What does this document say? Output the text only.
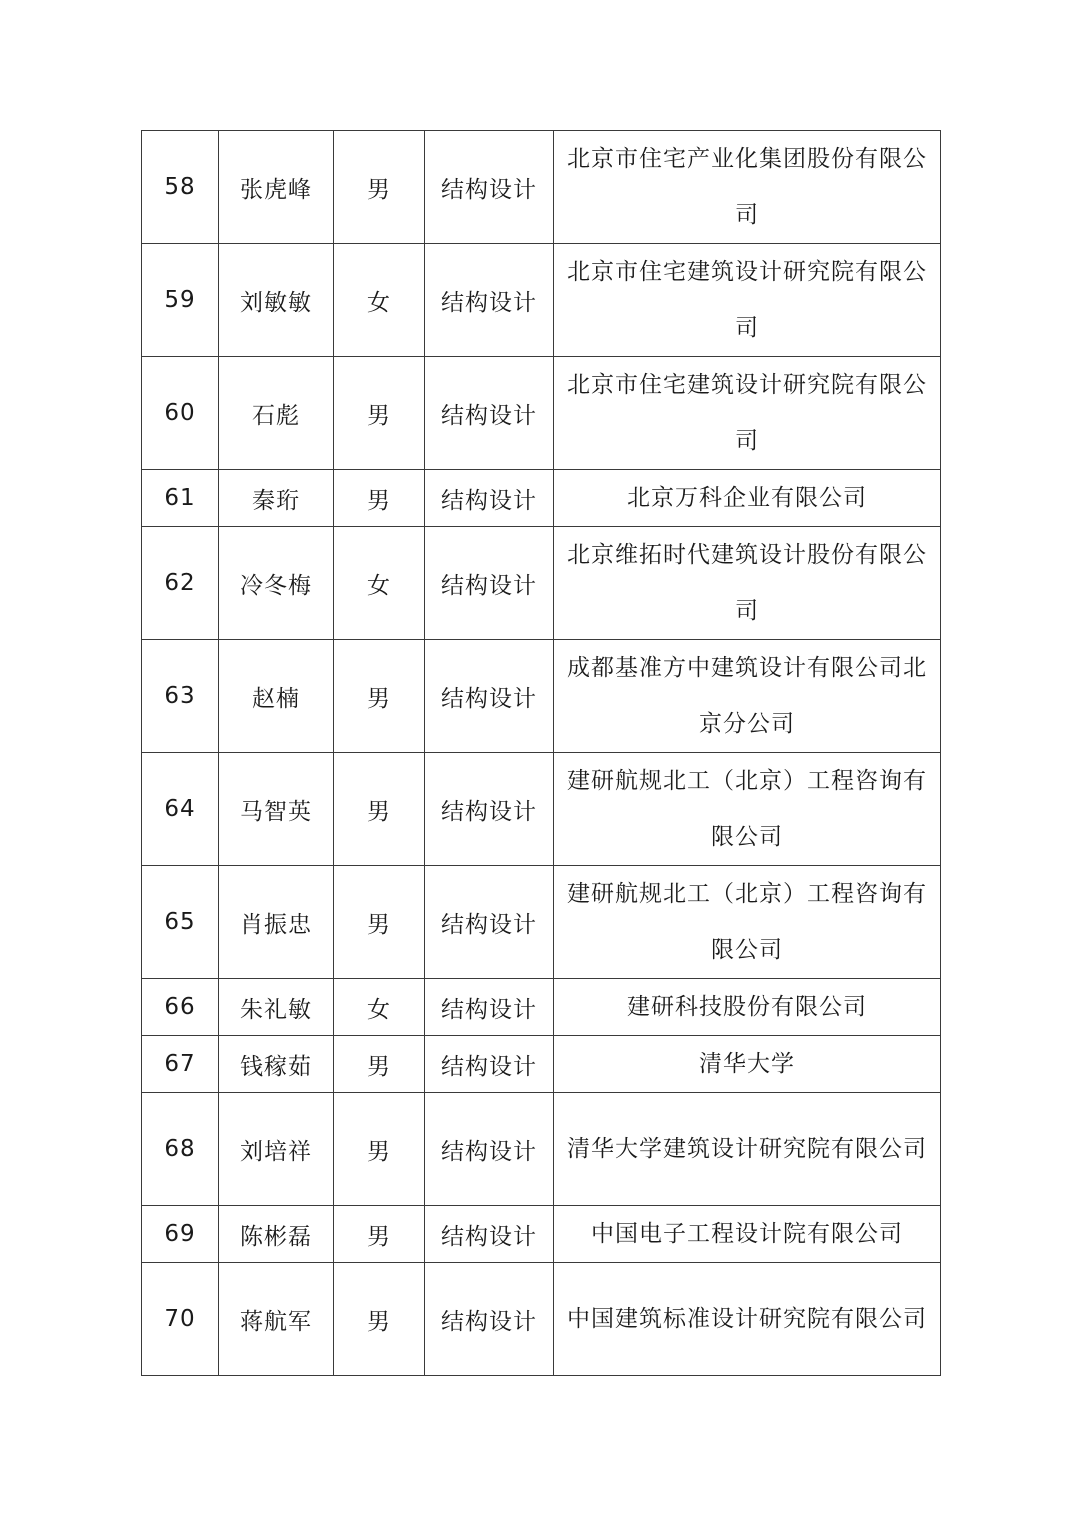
58	张虎峰	男	结构设计	北京市住宅产业化集团股份有限公司
59	刘敏敏	女	结构设计	北京市住宅建筑设计研究院有限公司
60	石彪	男	结构设计	北京市住宅建筑设计研究院有限公司
61	秦珩	男	结构设计	北京万科企业有限公司
62	冷冬梅	女	结构设计	北京维拓时代建筑设计股份有限公司
63	赵楠	男	结构设计	成都基准方中建筑设计有限公司北京分公司
64	马智英	男	结构设计	建研航规北工（北京）工程咨询有限公司
65	肖振忠	男	结构设计	建研航规北工（北京）工程咨询有限公司
66	朱礼敏	女	结构设计	建研科技股份有限公司
67	钱稼茹	男	结构设计	清华大学
68	刘培祥	男	结构设计	清华大学建筑设计研究院有限公司
69	陈彬磊	男	结构设计	中国电子工程设计院有限公司
70	蒋航军	男	结构设计	中国建筑标准设计研究院有限公司
